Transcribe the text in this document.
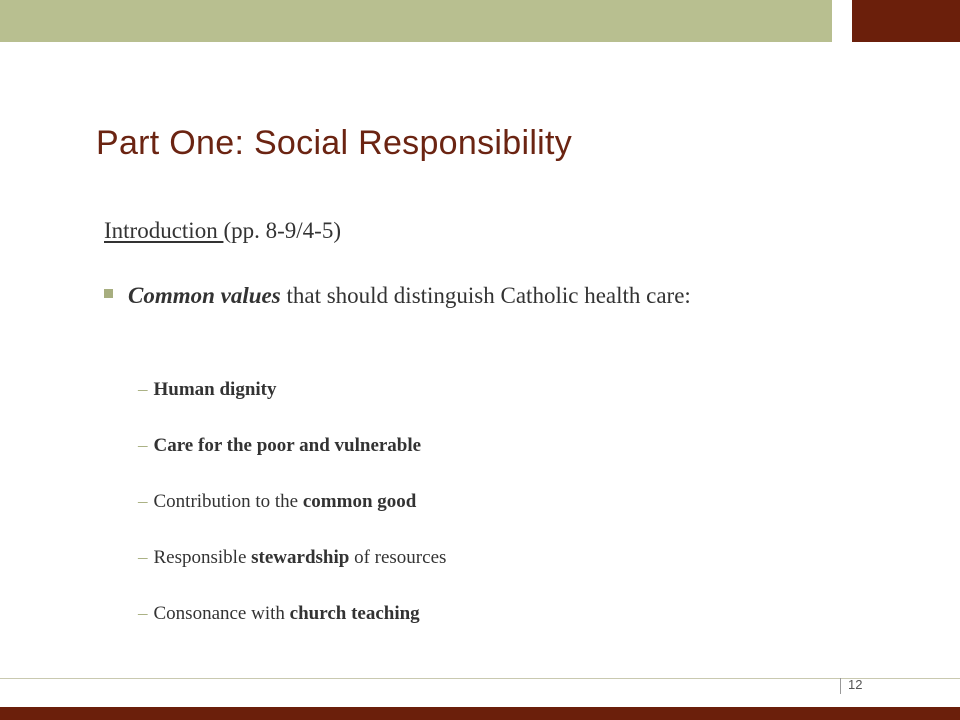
Part One: Social Responsibility
Introduction (pp. 8-9/4-5)
Common values that should distinguish Catholic health care:
– Human dignity
– Care for the poor and vulnerable
– Contribution to the common good
– Responsible stewardship of resources
– Consonance with church teaching
12
